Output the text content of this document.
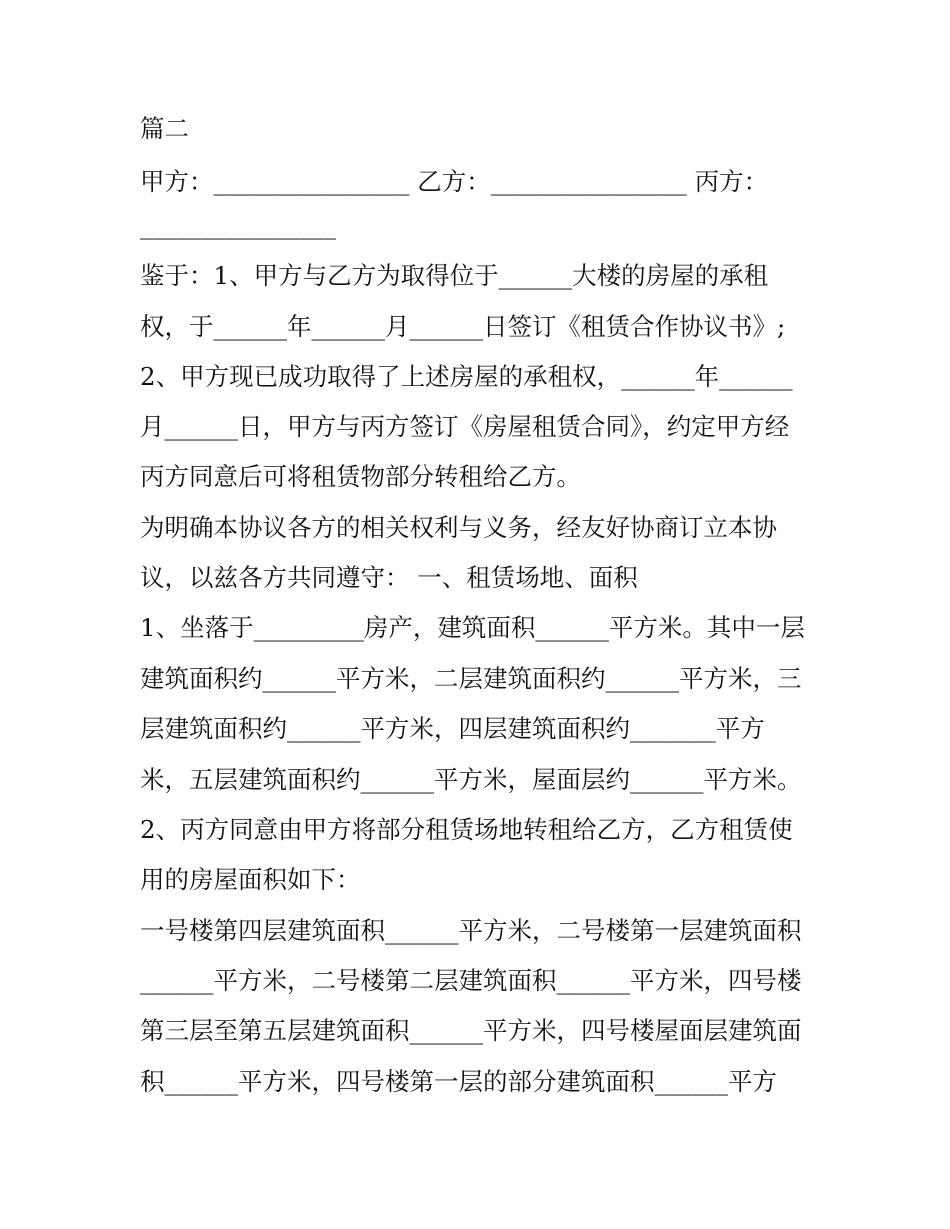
篇二
甲方：________________ 乙方：________________ 丙方：
________________
鉴于：1、甲方与乙方为取得位于______大楼的房屋的承租
权，于______年______月______日签订《租赁合作协议书》;
2、甲方现已成功取得了上述房屋的承租权，______年______
月______日，甲方与丙方签订《房屋租赁合同》，约定甲方经
丙方同意后可将租赁物部分转租给乙方。
为明确本协议各方的相关权利与义务，经友好协商订立本协
议，以兹各方共同遵守： 一、租赁场地、面积
1、坐落于_________房产，建筑面积______平方米。其中一层
建筑面积约______平方米，二层建筑面积约______平方米，三
层建筑面积约______平方米，四层建筑面积约_______平方
米，五层建筑面积约______平方米，屋面层约______平方米。
2、丙方同意由甲方将部分租赁场地转租给乙方，乙方租赁使
用的房屋面积如下：
一号楼第四层建筑面积______平方米，二号楼第一层建筑面积
______平方米，二号楼第二层建筑面积______平方米，四号楼
第三层至第五层建筑面积______平方米，四号楼屋面层建筑面
积______平方米，四号楼第一层的部分建筑面积______平方
